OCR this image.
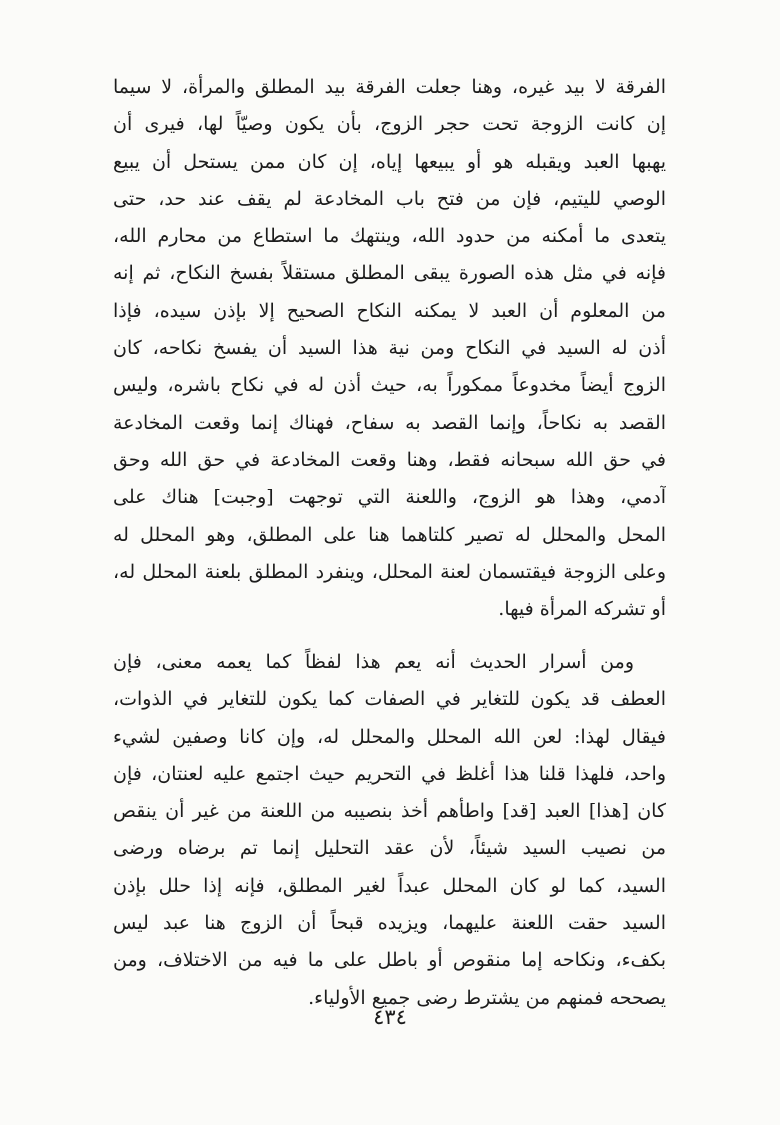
الفرقة لا بيد غيره، وهنا جعلت الفرقة بيد المطلق والمرأة، لا سيما
إن كانت الزوجة تحت حجر الزوج، بأن يكون وصيّاً لها، فيرى أن
يهبها العبد ويقبله هو أو يبيعها إياه، إن كان ممن يستحل أن يبيع
الوصي لليتيم، فإن من فتح باب المخادعة لم يقف عند حد، حتى
يتعدى ما أمكنه من حدود الله، وينتهك ما استطاع من محارم الله،
فإنه في مثل هذه الصورة يبقى المطلق مستقلاً بفسخ النكاح، ثم إنه
من المعلوم أن العبد لا يمكنه النكاح الصحيح إلا بإذن سيده، فإذا
أذن له السيد في النكاح ومن نية هذا السيد أن يفسخ نكاحه، كان
الزوج أيضاً مخدوعاً ممكوراً به، حيث أذن له في نكاح باشره، وليس
القصد به نكاحاً، وإنما القصد به سفاح، فهناك إنما وقعت المخادعة
في حق الله سبحانه فقط، وهنا وقعت المخادعة في حق الله وحق
آدمي، وهذا هو الزوج، واللعنة التي توجهت [وجبت] هناك على
المحل والمحلل له تصير كلتاهما هنا على المطلق، وهو المحلل له
وعلى الزوجة فيقتسمان لعنة المحلل، وينفرد المطلق بلعنة المحلل له،
أو تشركه المرأة فيها.
ومن أسرار الحديث أنه يعم هذا لفظاً كما يعمه معنى، فإن
العطف قد يكون للتغاير في الصفات كما يكون للتغاير في الذوات،
فيقال لهذا: لعن الله المحلل والمحلل له، وإن كانا وصفين لشيء
واحد، فلهذا قلنا هذا أغلظ في التحريم حيث اجتمع عليه لعنتان، فإن
كان [هذا] العبد [قد] واطأهم أخذ بنصيبه من اللعنة من غير أن ينقص
من نصيب السيد شيئاً، لأن عقد التحليل إنما تم برضاه ورضى
السيد، كما لو كان المحلل عبداً لغير المطلق، فإنه إذا حلل بإذن
السيد حقت اللعنة عليهما، ويزيده قبحاً أن الزوج هنا عبد ليس
بكفء، ونكاحه إما منقوص أو باطل على ما فيه من الاختلاف، ومن
يصححه فمنهم من يشترط رضى جميع الأولياء.
٤٣٤
